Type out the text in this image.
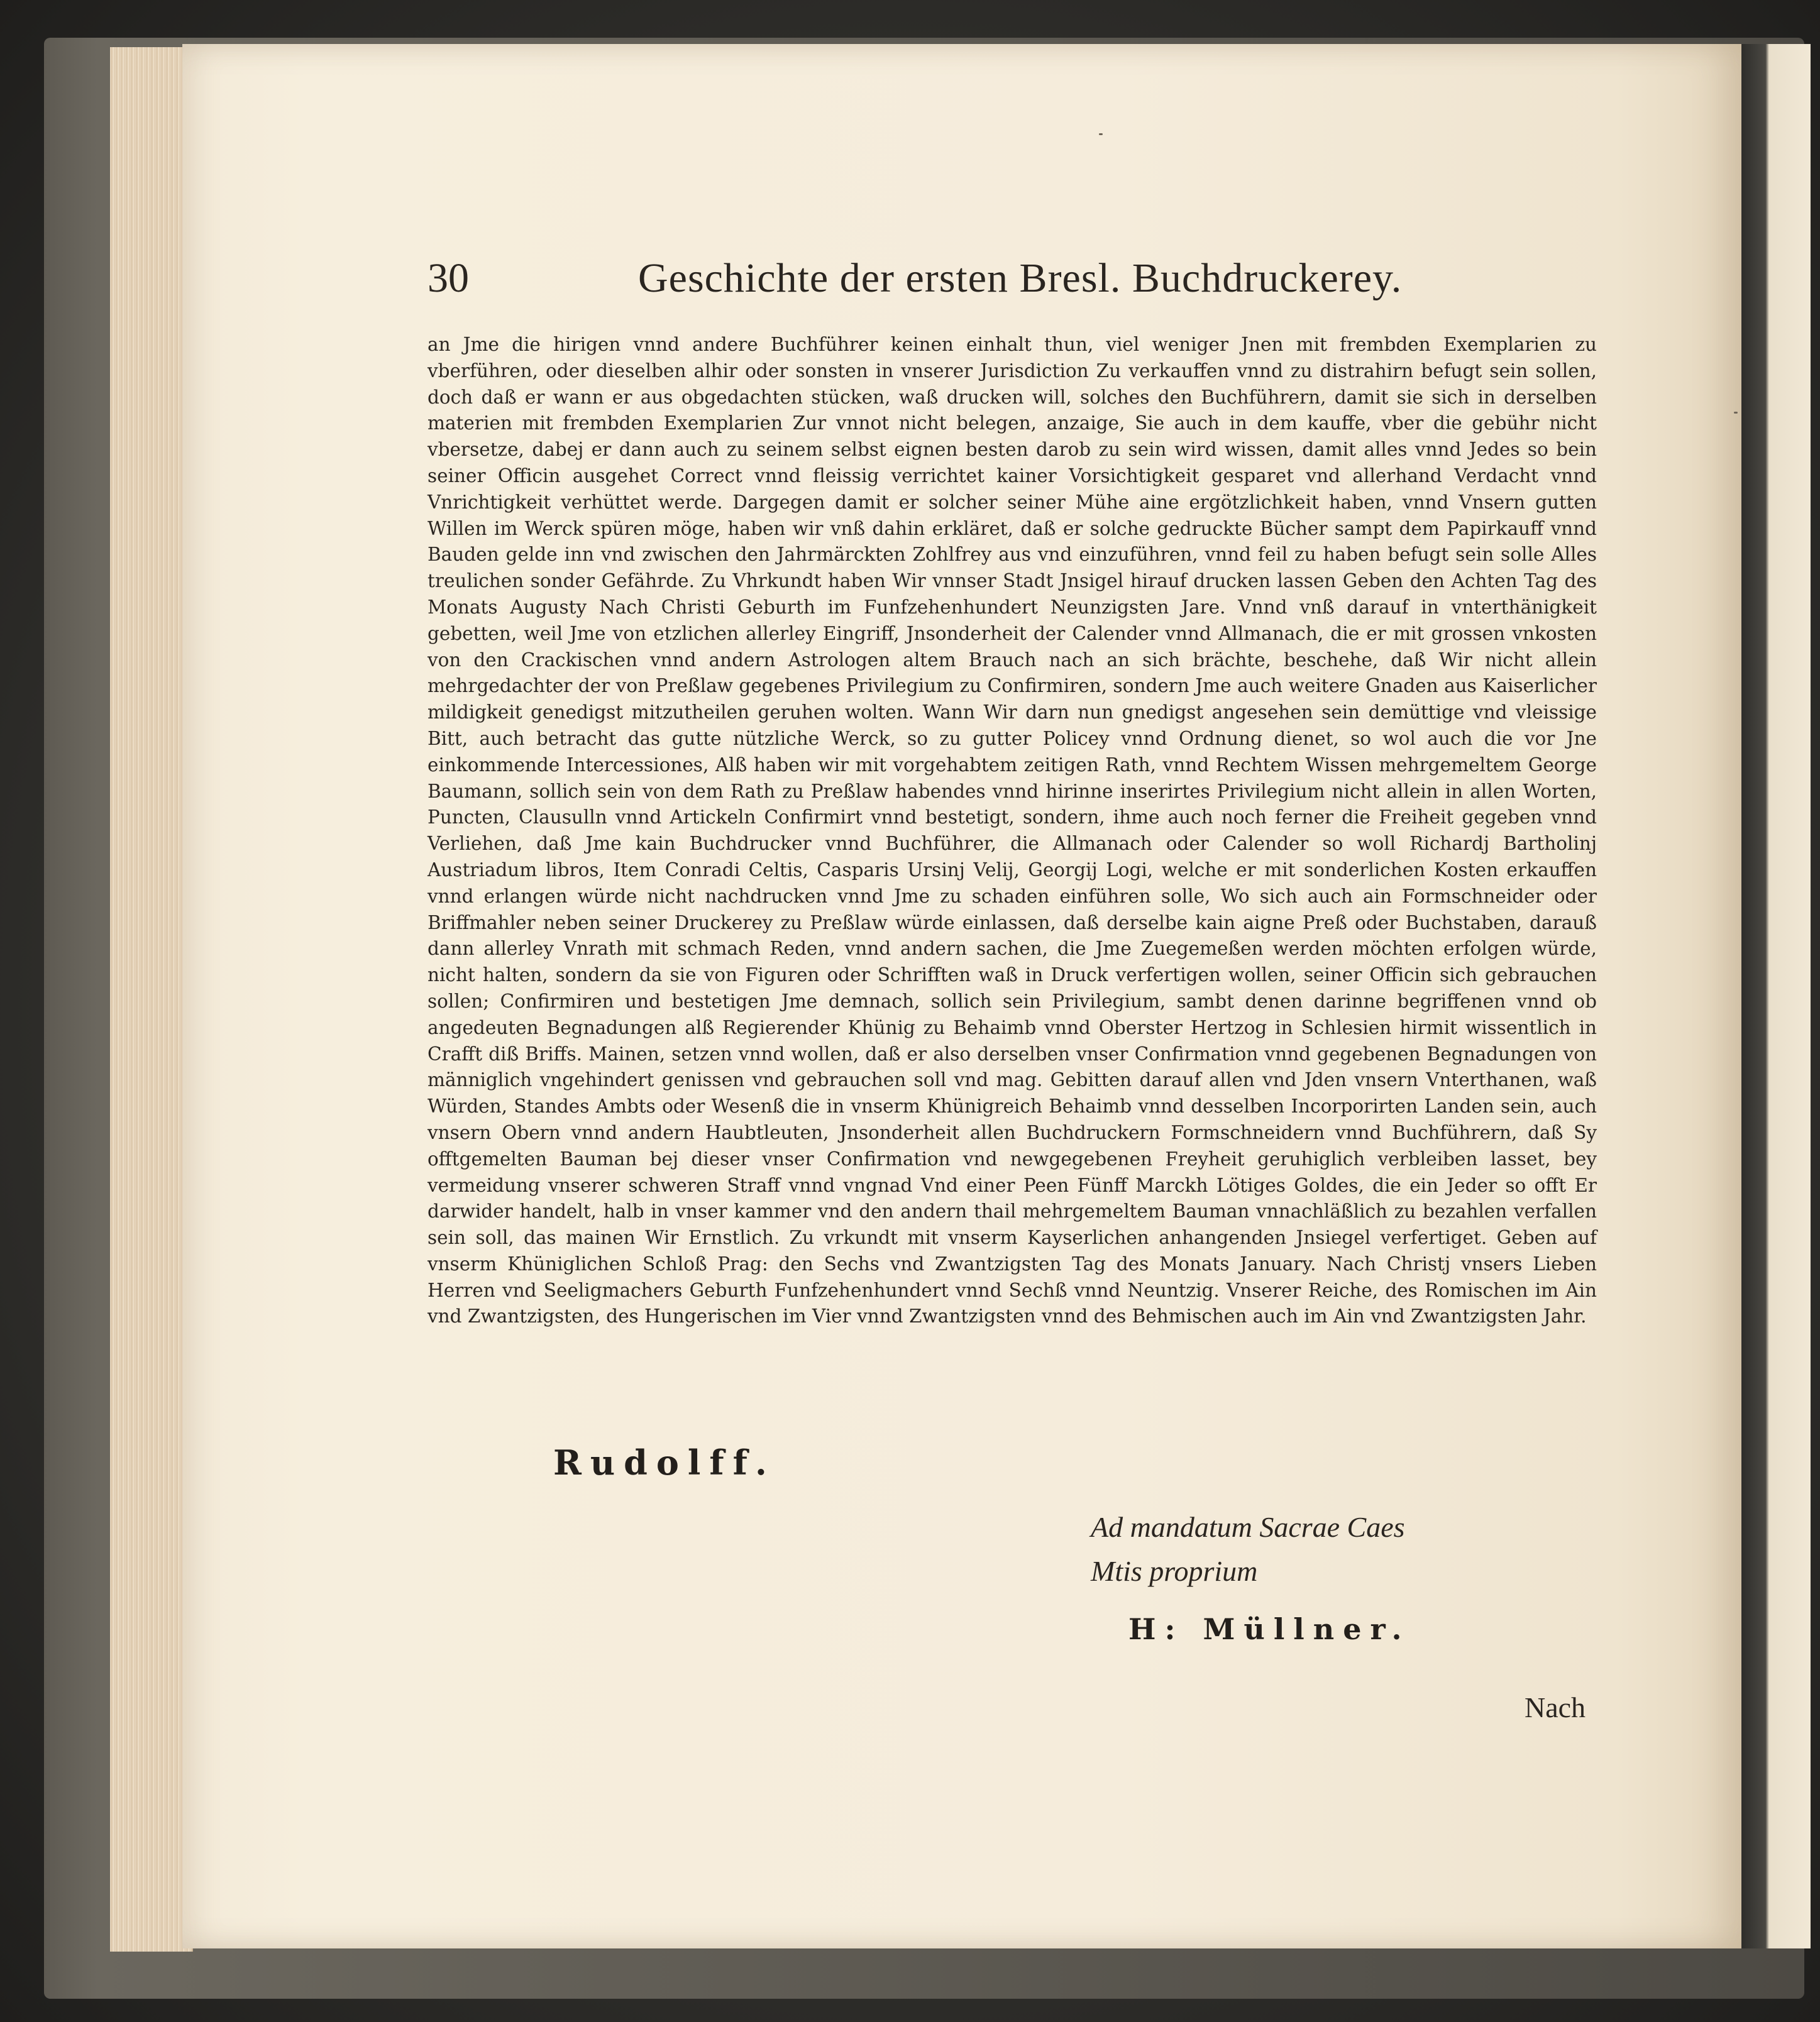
30	Geschichte der ersten Bresl. Buchdruckerey.

an Jme die hirigen vnnd andere Buchführer keinen einhalt thun, viel weniger Jnen mit frembden Exemplarien zu vberführen, oder dieselben alhir oder sonsten in vnserer Jurisdiction Zu verkauffen vnnd zu distrahirn befugt sein sollen, doch daß er wann er aus obgedachten stücken, waß drucken will, solches den Buchführern, damit sie sich in derselben materien mit frembden Exemplarien Zur vnnot nicht belegen, anzaige, Sie auch in dem kauffe, vber die gebühr nicht vbersetze, dabej er dann auch zu seinem selbst eignen besten darob zu sein wird wissen, damit alles vnnd Jedes so bein seiner Officin ausgehet Correct vnnd fleissig verrichtet kainer Vorsichtigkeit gesparet vnd allerhand Verdacht vnnd Vnrichtigkeit verhüttet werde. Dargegen damit er solcher seiner Mühe aine ergötzlichkeit haben, vnnd Vnsern gutten Willen im Werck spüren möge, haben wir vnß dahin erkläret, daß er solche gedruckte Bücher sampt dem Papirkauff vnnd Bauden gelde inn vnd zwischen den Jahrmärckten Zohlfrey aus vnd einzuführen, vnnd feil zu haben befugt sein solle Alles treulichen sonder Gefährde. Zu Vhrkundt haben Wir vnnser Stadt Jnsigel hirauf drucken lassen Geben den Achten Tag des Monats Augusty Nach Christi Geburth im Funfzehenhundert Neunzigsten Jare. Vnnd vnß darauf in vnterthänigkeit gebetten, weil Jme von etzlichen allerley Eingriff, Jnsonderheit der Calender vnnd Allmanach, die er mit grossen vnkosten von den Crackischen vnnd andern Astrologen altem Brauch nach an sich brächte, beschehe, daß Wir nicht allein mehrgedachter der von Preßlaw gegebenes Privilegium zu Confirmiren, sondern Jme auch weitere Gnaden aus Kaiserlicher mildigkeit genedigst mitzutheilen geruhen wolten. Wann Wir darn nun gnedigst angesehen sein demüttige vnd vleissige Bitt, auch betracht das gutte nützliche Werck, so zu gutter Policey vnnd Ordnung dienet, so wol auch die vor Jne einkommende Intercessiones, Alß haben wir mit vorgehabtem zeitigen Rath, vnnd Rechtem Wissen mehrgemeltem George Baumann, sollich sein von dem Rath zu Preßlaw habendes vnnd hirinne inserirtes Privilegium nicht allein in allen Worten, Puncten, Clausulln vnnd Artickeln Confirmirt vnnd bestetigt, sondern, ihme auch noch ferner die Freiheit gegeben vnnd Verliehen, daß Jme kain Buchdrucker vnnd Buchführer, die Allmanach oder Calender so woll Richardj Bartholinj Austriadum libros, Item Conradi Celtis, Casparis Ursinj Velij, Georgij Logi, welche er mit sonderlichen Kosten erkauffen vnnd erlangen würde nicht nachdrucken vnnd Jme zu schaden einführen solle, Wo sich auch ain Formschneider oder Briffmahler neben seiner Druckerey zu Preßlaw würde einlassen, daß derselbe kain aigne Preß oder Buchstaben, darauß dann allerley Vnrath mit schmach Reden, vnnd andern sachen, die Jme Zuegemeßen werden möchten erfolgen würde, nicht halten, sondern da sie von Figuren oder Schrifften waß in Druck verfertigen wollen, seiner Officin sich gebrauchen sollen; Confirmiren und bestetigen Jme demnach, sollich sein Privilegium, sambt denen darinne begriffenen vnnd ob angedeuten Begnadungen alß Regierender Khünig zu Behaimb vnnd Oberster Hertzog in Schlesien hirmit wissentlich in Crafft diß Briffs. Mainen, setzen vnnd wollen, daß er also derselben vnser Confirmation vnnd gegebenen Begnadungen von männiglich vngehindert genissen vnd gebrauchen soll vnd mag. Gebitten darauf allen vnd Jden vnsern Vnterthanen, waß Würden, Standes Ambts oder Wesenß die in vnserm Khünigreich Behaimb vnnd desselben Incorporirten Landen sein, auch vnsern Obern vnnd andern Haubtleuten, Jnsonderheit allen Buchdruckern Formschneidern vnnd Buchführern, daß Sy offtgemelten Bauman bej dieser vnser Confirmation vnd newgegebenen Freyheit geruhiglich verbleiben lasset, bey vermeidung vnserer schweren Straff vnnd vngnad Vnd einer Peen Fünff Marckh Lötiges Goldes, die ein Jeder so offt Er darwider handelt, halb in vnser kammer vnd den andern thail mehrgemeltem Bauman vnnachläßlich zu bezahlen verfallen sein soll, das mainen Wir Ernstlich. Zu vrkundt mit vnserm Kayserlichen anhangenden Jnsiegel verfertiget. Geben auf vnserm Khüniglichen Schloß Prag: den Sechs vnd Zwantzigsten Tag des Monats January. Nach Christj vnsers Lieben Herren vnd Seeligmachers Geburth Funfzehenhundert vnnd Sechß vnnd Neuntzig. Vnserer Reiche, des Romischen im Ain vnd Zwantzigsten, des Hungerischen im Vier vnnd Zwantzigsten vnnd des Behmischen auch im Ain vnd Zwantzigsten Jahr.

Rudolff.
Ad mandatum Sacrae Caes
Mtis proprium
H: Müllner.
Nach
